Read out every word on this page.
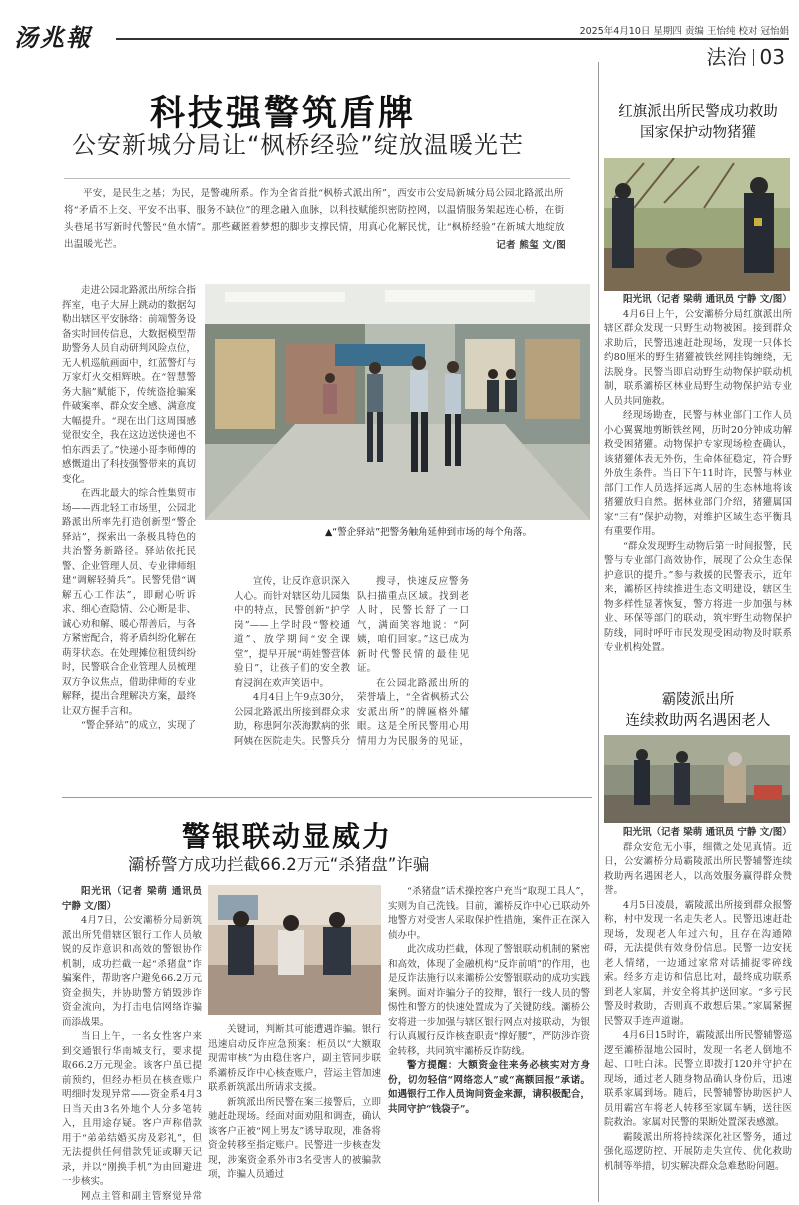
汤兆報	2025年4月10日 星期四 责编 王怡纯 校对 冠怡娟
法治 03
科技强警筑盾牌
公安新城分局让“枫桥经验”绽放温暖光芒

平安，是民生之基；为民，是警魂所系。作为全省首批“枫桥式派出所”，西安市公安局新城分局公园北路派出所将“矛盾不上交、平安不出事、服务不缺位”的理念融入血脉，以科技赋能织密防控网，以温情服务架起连心桥，在街头巷尾书写新时代警民“鱼水情”。那些藏匿着梦想的脚步支撑民情，用真心化解民忧，让“枫桥经验”在新城大地绽放出温暖光芒。	记者 熊玺 文/图

走进公园北路派出所综合指挥室，电子大屏上跳动的数据勾勒出辖区平安脉络：前端警务设备实时回传信息，大数据模型帮助警务人员自动研判风险点位，无人机巡航画面中，红蓝警灯与万家灯火交相辉映。在“智慧警务大脑”赋能下，传统盗抢骗案件破案率、群众安全感、满意度大幅提升。“现在出门这周围感觉很安全，我在这边送快递也不怕东西丢了。”快递小哥李师傅的感慨道出了科技强警带来的真切变化。

在西北最大的综合性集贸市场——西北轻工市场里，公园北路派出所率先打造创新型“警企驿站”，探索出一条极具特色的共治警务新路径。驿站依托民警、企业管理人员、专业律师组建“调解轻骑兵”。民警凭借“调解五心工作法”，即耐心听诉求、细心查隐情、公心断是非、诚心劝和解、暖心帮善后，与各方紧密配合，将矛盾纠纷化解在萌芽状态。在处理摊位租赁纠纷时，民警联合企业管理人员梳理双方争议焦点，借助律师的专业解释，提出合理解决方案，最终让双方握手言和。

“警企驿站”的成立，实现了

▲“警企驿站”把警务触角延伸到市场的每个角落。

宣传，让反诈意识深入人心。而针对辖区幼儿园集中的特点，民警创新“护学岗”——上学时段“警校通道”、放学期间“安全课堂”，提早开展“萌娃警营体验日”，让孩子们的安全教育浸润在欢声笑语中。

4月4日上午9点30分，公园北路派出所接到群众求助，称患阿尔茨海默病的张阿姨在医院走失。民警兵分

搜寻，快速反应警务队扫描重点区域。找到老人时，民警长舒了一口气，满面笑容地说：“阿姨，咱们回家。”这已成为新时代警民情的最佳见证。

在公园北路派出所的荣誉墙上，“全省枫桥式公安派出所”的牌匾格外耀眼。这是全所民警用心用情用力为民服务的见证，

红旗派出所民警成功救助
国家保护动物猪獾

阳光讯（记者 梁萌 通讯员 宁静 文/图）

4月6日上午，公安灞桥分局红旗派出所辖区群众发现一只野生动物被困。接到群众求助后，民警迅速赶赴现场，发现一只体长约80厘米的野生猪獾被铁丝网挂钩缠绕，无法脱身。民警当即启动野生动物保护联动机制，联系灞桥区林业局野生动物保护站专业人员共同施救。

经现场勘查，民警与林业部门工作人员小心翼翼地剪断铁丝网，历时20分钟成功解救受困猪獾。动物保护专家现场检查确认，该猪獾体表无外伤，生命体征稳定，符合野外放生条件。当日下午11时许，民警与林业部门工作人员选择远离人居的生态林地将该猪獾放归自然。据林业部门介绍，猪獾属国家“三有”保护动物，对维护区域生态平衡具有重要作用。

“群众发现野生动物后第一时间报警，民警与专业部门高效协作，展现了公众生态保护意识的提升。”参与救援的民警表示，近年来，灞桥区持续推进生态文明建设，辖区生物多样性显著恢复，警方将进一步加强与林业、环保等部门的联动，筑牢野生动物保护防线，同时呼吁市民发现受困动物及时联系专业机构处置。

霸陵派出所
连续救助两名遇困老人

阳光讯（记者 梁萌 通讯员 宁静 文/图）

群众安危无小事，细微之处见真情。近日，公安灞桥分局霸陵派出所民警辅警连续救助两名遇困老人，以高效服务赢得群众赞誉。

4月5日凌晨，霸陵派出所接到群众报警称，村中发现一名走失老人。民警迅速赶赴现场，发现老人年过六旬，且存在沟通障碍，无法提供有效身份信息。民警一边安抚老人情绪，一边通过家常对话捕捉零碎线索。经多方走访和信息比对，最终成功联系到老人家属，并安全将其护送回家。“多亏民警及时救助，否则真不敢想后果。”家属紧握民警双手连声道谢。

4月6日15时许，霸陵派出所民警辅警巡逻至灞桥湿地公园时，发现一名老人倒地不起、口吐白沫。民警立即拨打120并守护在现场，通过老人随身物品确认身份后，迅速联系家属到场。随后，民警辅警协助医护人员用霸宫车将老人转移至家属车辆，送往医院救治。家属对民警的果断处置深表感激。

霸陵派出所将持续深化社区警务，通过强化巡逻防控、开展防走失宣传、优化救助机制等举措，切实解决群众急难愁盼问题。

警银联动显威力
灞桥警方成功拦截66.2万元“杀猪盘”诈骗

阳光讯（记者 梁萌 通讯员 宁静 文/图）

4月7日，公安灞桥分局新筑派出所凭借辖区银行工作人员敏锐的反诈意识和高效的警银协作机制，成功拦截一起“杀猪盘”诈骗案件，帮助客户避免66.2万元资金损失，并协助警方销毁涉诈资金流向，为打击电信网络诈骗而添战果。

当日上午，一名女性客户来到交通银行华南城支行，要求提取66.2万元现金。该客户虽已提前预约，但经办柜员在核查账户明细时发现异常——资金系4月3日当天由3名外地个人分多笔转入，且用途存疑。客户声称借款用于“弟弟结婚买房及彩礼”，但无法提供任何借款凭证或聊天记录，并以“刚换手机”为由回避进一步核实。

网点主管和副主管察觉异常

关键词，判断其可能遭遇诈骗。银行迅速启动反诈应急预案：柜员以“大额取现需审核”为由稳住客户，副主管同步联系灞桥反诈中心核查账户，营运主管加速联系新筑派出所请求支援。

新筑派出所民警在案三接警后，立即驰赶赴现场。经面对面劝阻和调查，确认该客户正被“网上男友”诱导取现，准备将资金转移至指定账户。民警进一步核查发现，涉案资金系外市3名受害人的被骗款项，诈骗人员通过

“杀猪盘”话术操控客户充当“取现工具人”，实则为自己洗钱。目前，灞桥反诈中心已联动外地警方对受害人采取保护性措施，案件正在深入侦办中。

此次成功拦截，体现了警银联动机制的紧密和高效，体现了金融机构“反诈前哨”的作用，也是反诈法施行以来灞桥公安警银联动的成功实践案例。面对诈骗分子的狡辩，银行一线人员的警惕性和警方的快速处置成为了关键防线。灞桥公安将进一步加强与辖区银行网点对接联动，为银行认真履行反诈核查职责“撑好腰”，严防涉诈资金转移，共同筑牢灞桥反诈防线。

警方提醒：大额资金往来务必核实对方身份，切勿轻信“网络恋人”或“高额回报”承诺。如遇银行工作人员询问资金来源，请积极配合，共同守护“钱袋子”。
